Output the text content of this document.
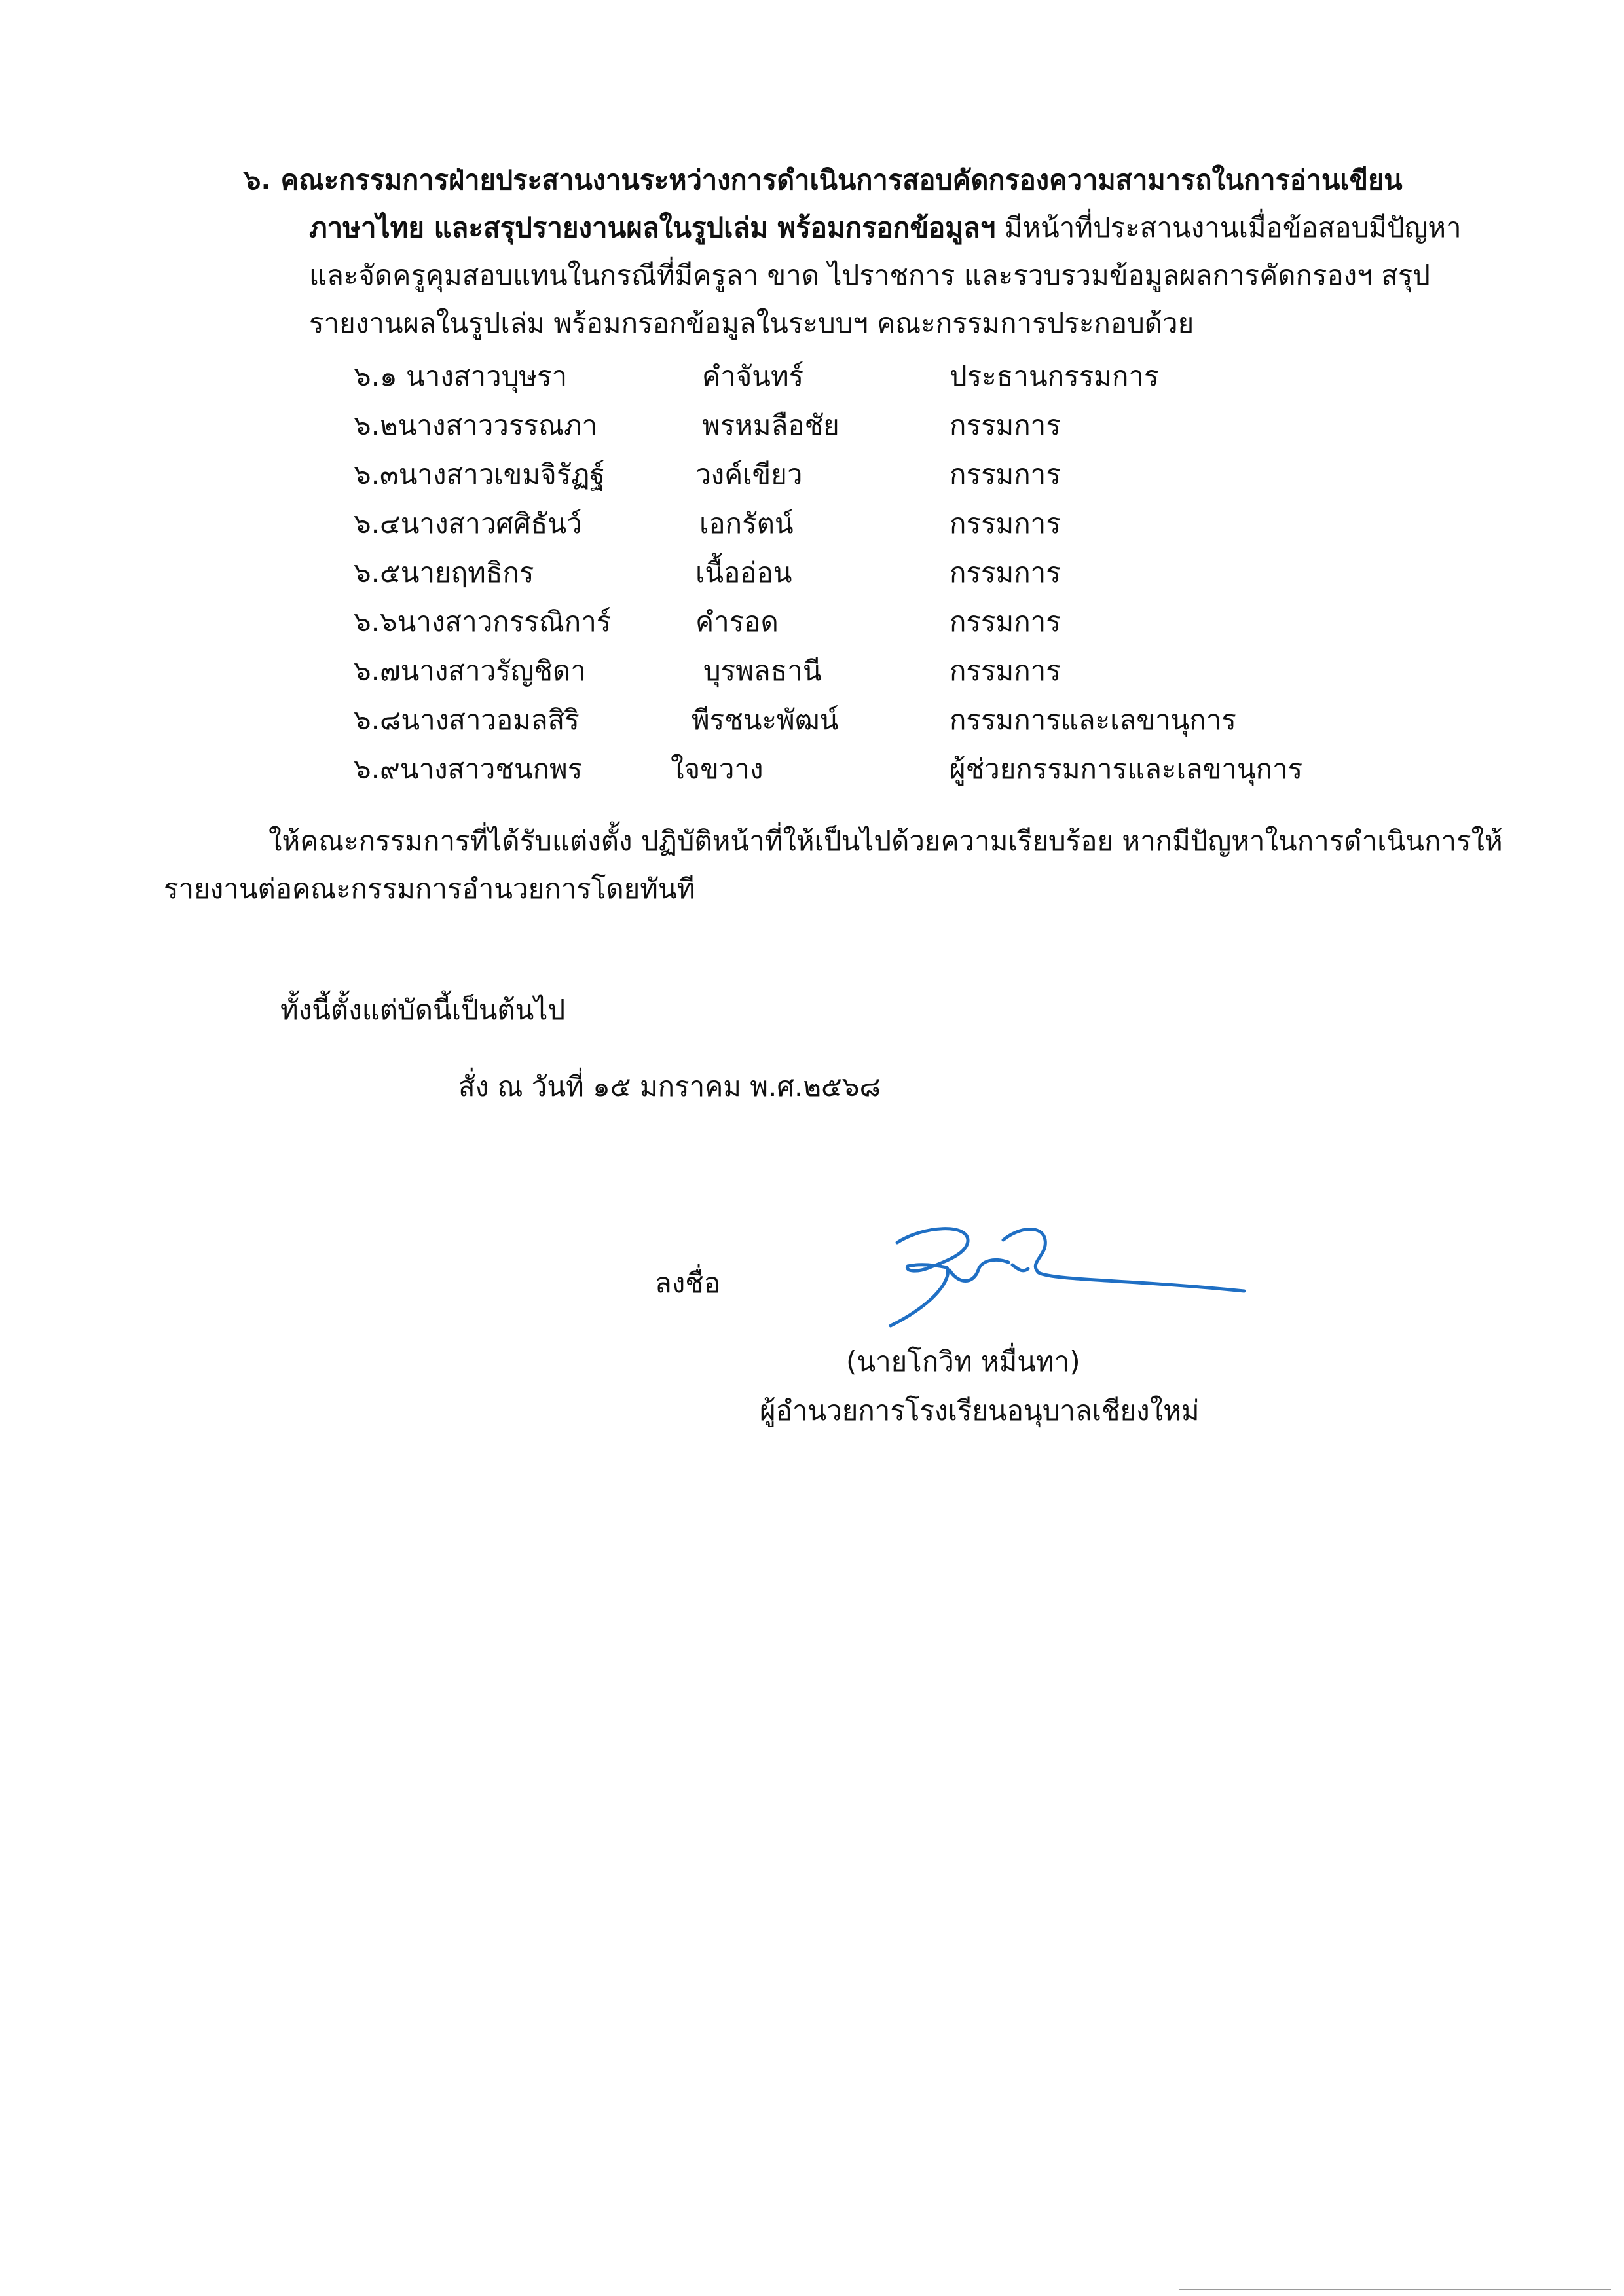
๖. คณะกรรมการฝ่ายประสานงานระหว่างการดำเนินการสอบคัดกรองความสามารถในการอ่านเขียน
ภาษาไทย และสรุปรายงานผลในรูปเล่ม พร้อมกรอกข้อมูลฯ มีหน้าที่ประสานงานเมื่อข้อสอบมีปัญหา
และจัดครูคุมสอบแทนในกรณีที่มีครูลา ขาด ไปราชการ และรวบรวมข้อมูลผลการคัดกรองฯ สรุป
รายงานผลในรูปเล่ม พร้อมกรอกข้อมูลในระบบฯ คณะกรรมการประกอบด้วย
๖.๑ นางสาวบุษรา	คำจันทร์	ประธานกรรมการ
๖.๒นางสาววรรณภา	พรหมลือชัย	กรรมการ
๖.๓นางสาวเขมจิรัฏฐ์	วงค์เขียว	กรรมการ
๖.๔นางสาวศศิธันว์	เอกรัตน์	กรรมการ
๖.๕นายฤทธิกร	เนื้ออ่อน	กรรมการ
๖.๖นางสาวกรรณิการ์	คำรอด	กรรมการ
๖.๗นางสาวรัญชิดา	บุรพลธานี	กรรมการ
๖.๘นางสาวอมลสิริ	พีรชนะพัฒน์	กรรมการและเลขานุการ
๖.๙นางสาวชนกพร	ใจขวาง	ผู้ช่วยกรรมการและเลขานุการ
ให้คณะกรรมการที่ได้รับแต่งตั้ง ปฏิบัติหน้าที่ให้เป็นไปด้วยความเรียบร้อย หากมีปัญหาในการดำเนินการให้
รายงานต่อคณะกรรมการอำนวยการโดยทันที
ทั้งนี้ตั้งแต่บัดนี้เป็นต้นไป
สั่ง ณ วันที่ ๑๕ มกราคม พ.ศ.๒๕๖๘
ลงชื่อ
(นายโกวิท หมื่นทา)
ผู้อำนวยการโรงเรียนอนุบาลเชียงใหม่
